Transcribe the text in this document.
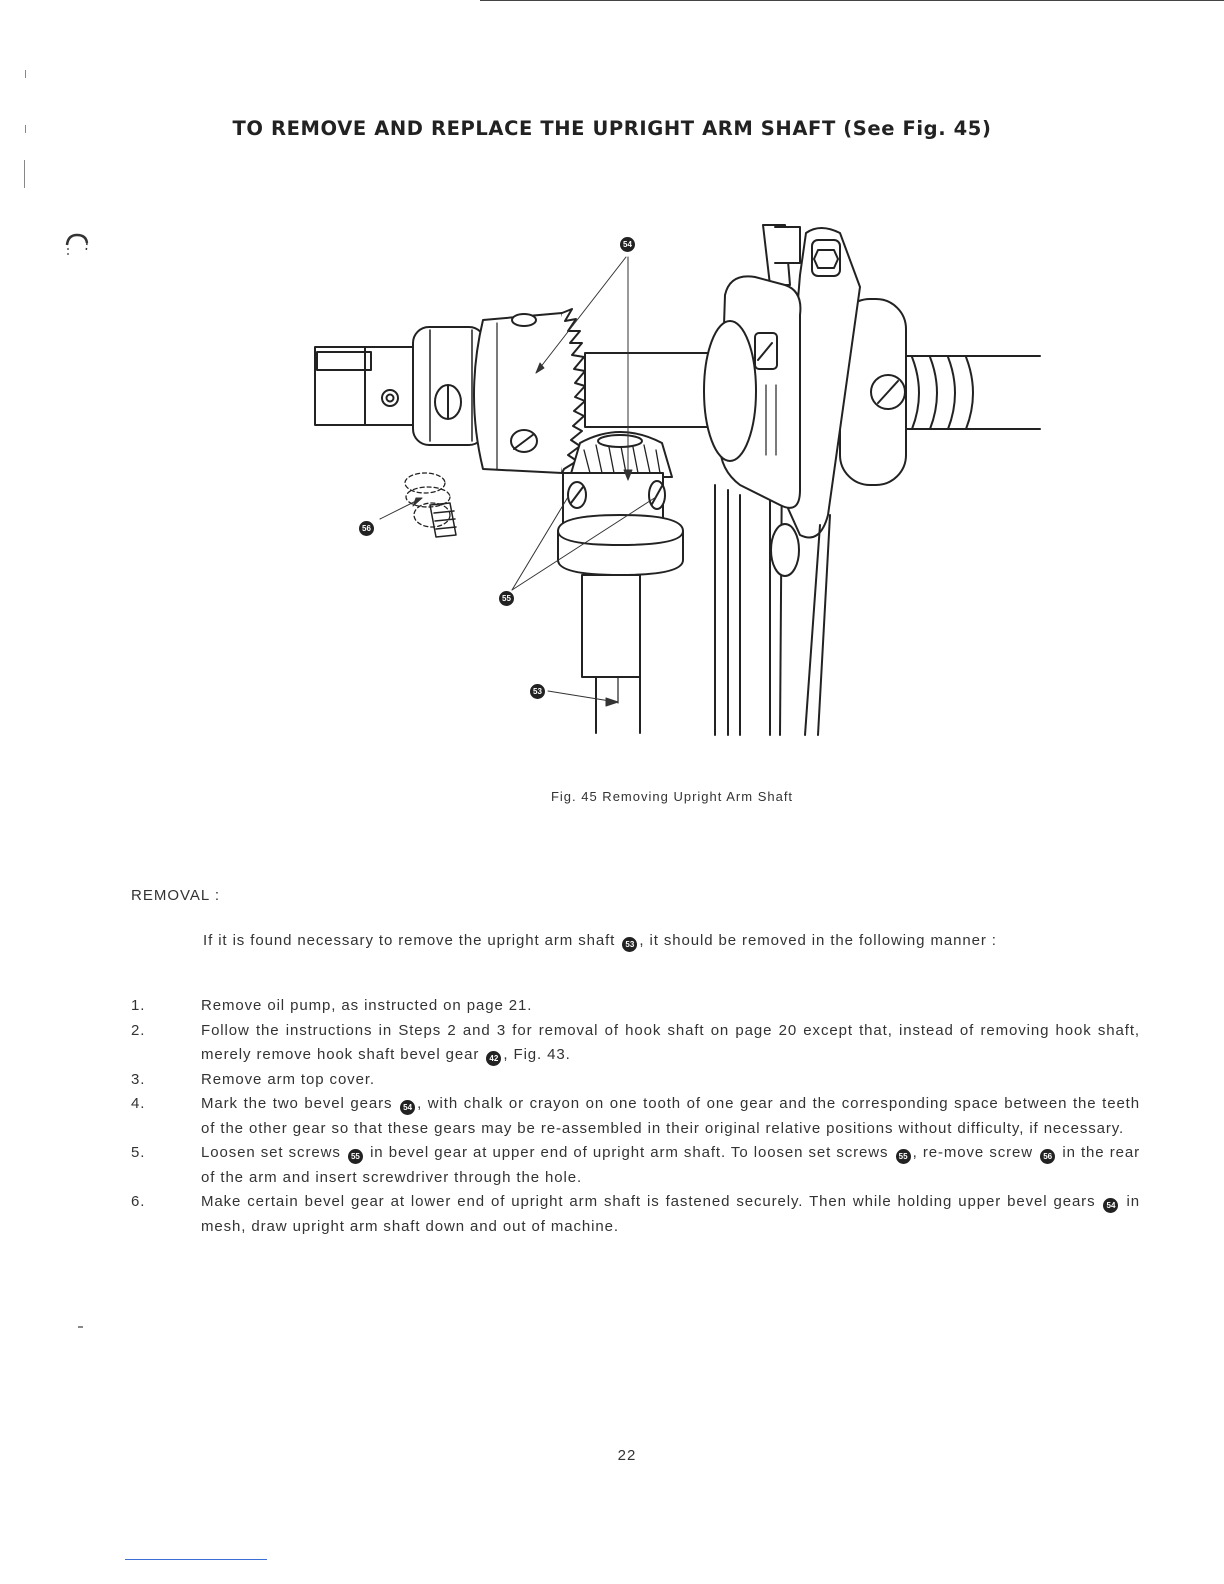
TO REMOVE AND REPLACE THE UPRIGHT ARM SHAFT (See Fig. 45)
54
56
55
53
Fig. 45 Removing Upright Arm Shaft
REMOVAL :

If it is found necessary to remove the upright arm shaft 53 , it should be removed in the following manner :

1.	Remove oil pump, as instructed on page 21.
2.	Follow the instructions in Steps 2 and 3 for removal of hook shaft on page 20 except that, instead of removing hook shaft, merely remove hook shaft bevel gear 42 , Fig. 43.
3.	Remove arm top cover.
4.	Mark the two bevel gears 54 , with chalk or crayon on one tooth of one gear and the corresponding space between the teeth of the other gear so that these gears may be re-assembled in their original relative positions without difficulty, if necessary.
5.	Loosen set screws 55 in bevel gear at upper end of upright arm shaft. To loosen set screws 55 , re-move screw 56 in the rear of the arm and insert screwdriver through the hole.
6.	Make certain bevel gear at lower end of upright arm shaft is fastened securely. Then while holding upper bevel gears 54 in mesh, draw upright arm shaft down and out of machine.
22
